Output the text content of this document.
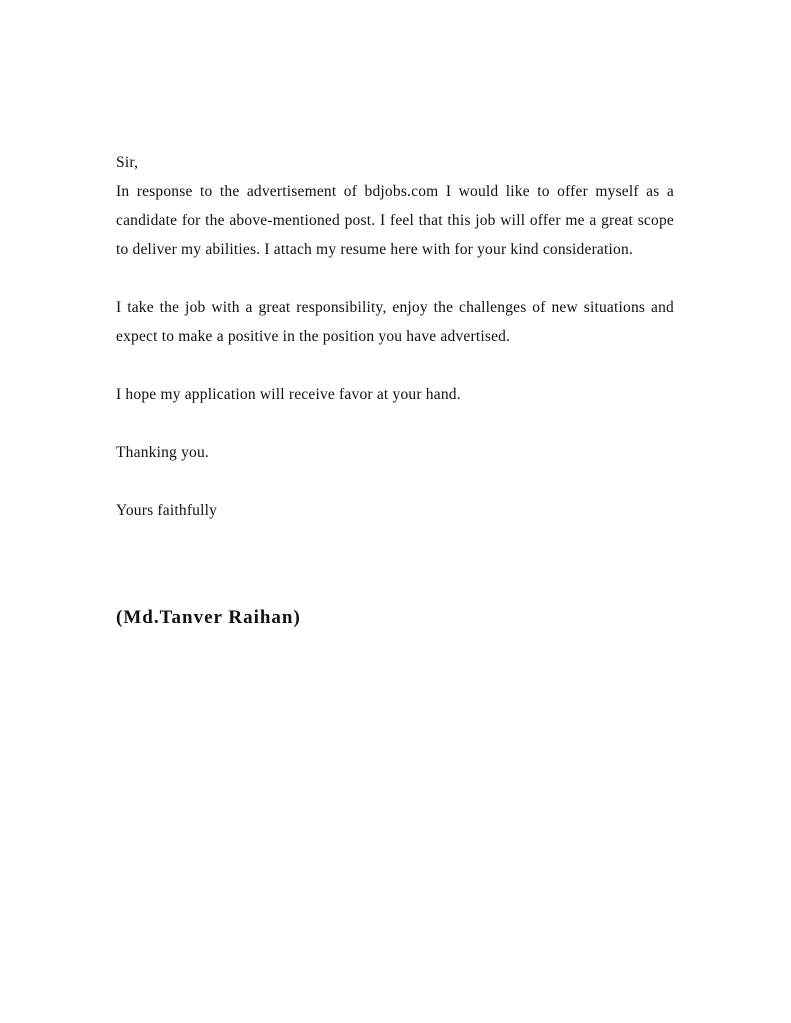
Sir,

In response to the advertisement of bdjobs.com I would like to offer myself as a candidate for the above-mentioned post. I feel that this job will offer me a great scope to deliver my abilities. I attach my resume here with for your kind consideration.

I take the job with a great responsibility, enjoy the challenges of new situations and expect to make a positive in the position you have advertised.

I hope my application will receive favor at your hand.

Thanking you.

Yours faithfully

(Md.Tanver Raihan)
